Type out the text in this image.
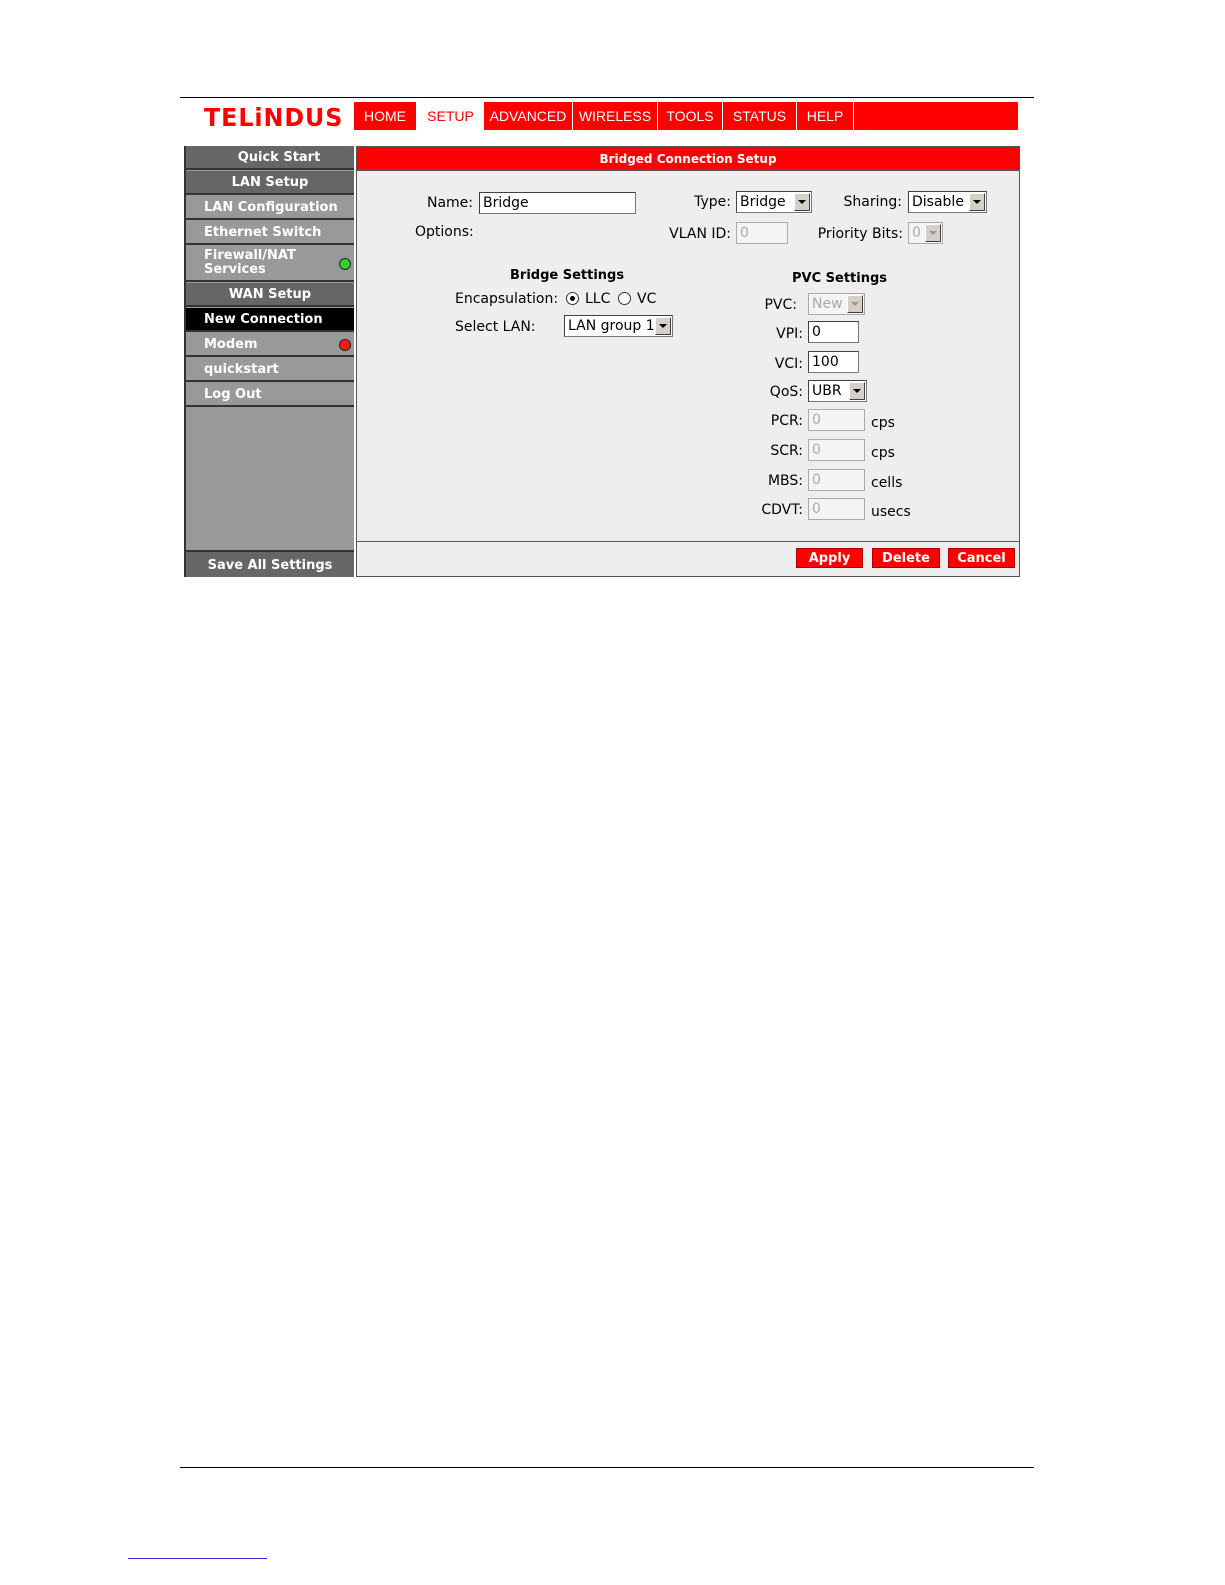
TELiNDUS	HOME	SETUP	ADVANCED WIRELESS	TOOLS	STATUS	HELP
Quick Start
LAN Setup
LAN Configuration
Ethernet Switch
Firewall/NAT
Services
WAN Setup
New Connection
Modem
quickstart
Log Out
Save All Settings
Bridged Connection Setup
Name: Bridge	Type: Bridge	Sharing: Disable
Options:	VLAN ID: 0	Priority Bits: 0
Bridge Settings
Encapsulation: LLC VC
Select LAN: LAN group 1
PVC Settings
PVC: New
VPI: 0
VCI: 100
QoS: UBR
PCR: 0	cps
SCR: 0	cps
MBS: 0	cells
CDVT: 0	usecs
Apply	Delete	Cancel
